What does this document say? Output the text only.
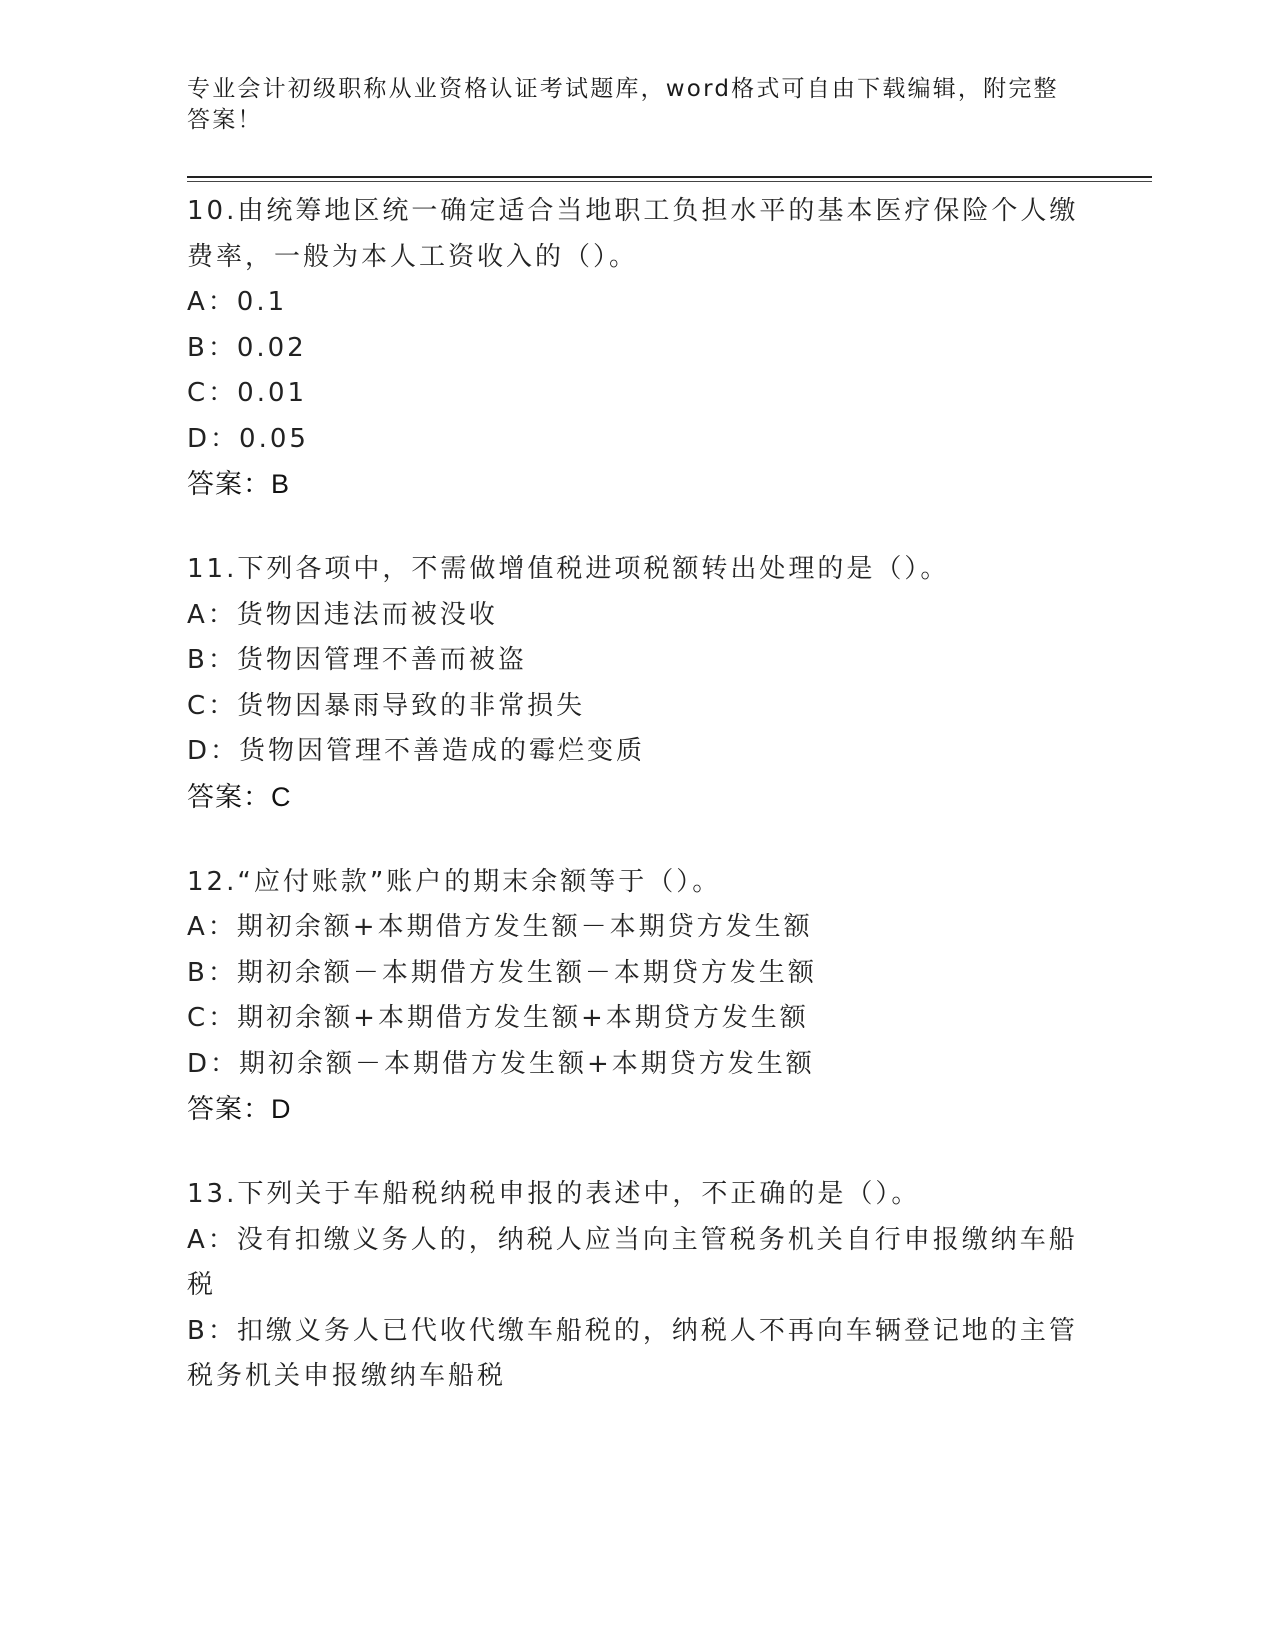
专业会计初级职称从业资格认证考试题库，word格式可自由下载编辑，附完整答案！
10.由统筹地区统一确定适合当地职工负担水平的基本医疗保险个人缴费率，一般为本人工资收入的（）。
A：0.1
B：0.02
C：0.01
D：0.05
答案：B
11.下列各项中，不需做增值税进项税额转出处理的是（）。
A：货物因违法而被没收
B：货物因管理不善而被盗
C：货物因暴雨导致的非常损失
D：货物因管理不善造成的霉烂变质
答案：C
12.“应付账款”账户的期末余额等于（）。
A：期初余额+本期借方发生额－本期贷方发生额
B：期初余额－本期借方发生额－本期贷方发生额
C：期初余额+本期借方发生额+本期贷方发生额
D：期初余额－本期借方发生额+本期贷方发生额
答案：D
13.下列关于车船税纳税申报的表述中，不正确的是（）。
A：没有扣缴义务人的，纳税人应当向主管税务机关自行申报缴纳车船税
B：扣缴义务人已代收代缴车船税的，纳税人不再向车辆登记地的主管税务机关申报缴纳车船税
